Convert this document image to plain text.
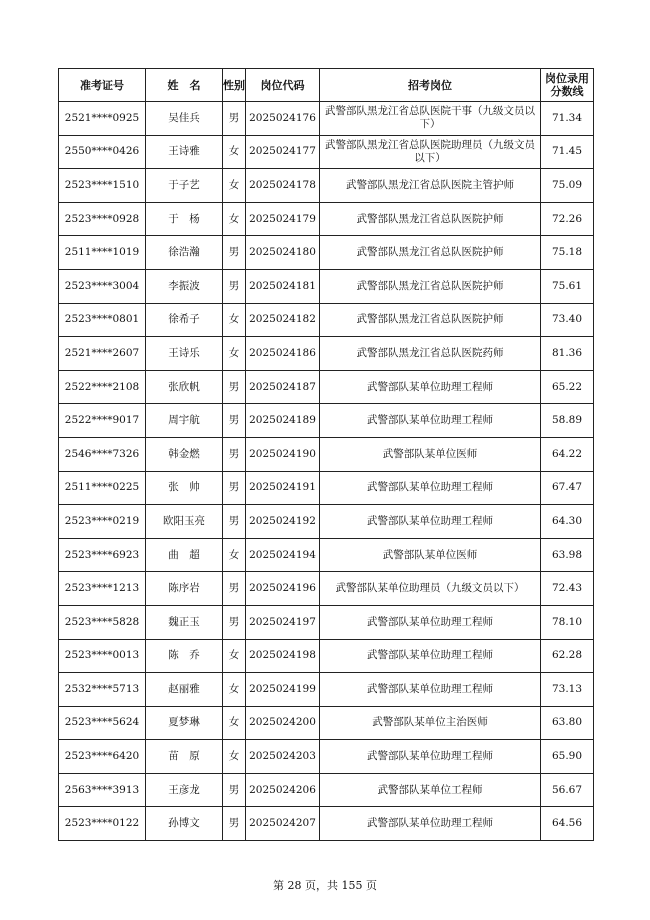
准考证号	姓　名	性别	岗位代码	招考岗位	岗位录用分数线
2521****0925	吴佳兵	男	2025024176	武警部队黑龙江省总队医院干事（九级文员以下）	71.34
2550****0426	王诗雅	女	2025024177	武警部队黑龙江省总队医院助理员（九级文员以下）	71.45
2523****1510	于子艺	女	2025024178	武警部队黑龙江省总队医院主管护师	75.09
2523****0928	于　杨	女	2025024179	武警部队黑龙江省总队医院护师	72.26
2511****1019	徐浩瀚	男	2025024180	武警部队黑龙江省总队医院护师	75.18
2523****3004	李振波	男	2025024181	武警部队黑龙江省总队医院护师	75.61
2523****0801	徐希子	女	2025024182	武警部队黑龙江省总队医院护师	73.40
2521****2607	王诗乐	女	2025024186	武警部队黑龙江省总队医院药师	81.36
2522****2108	张欣帆	男	2025024187	武警部队某单位助理工程师	65.22
2522****9017	周宇航	男	2025024189	武警部队某单位助理工程师	58.89
2546****7326	韩金燃	男	2025024190	武警部队某单位医师	64.22
2511****0225	张　帅	男	2025024191	武警部队某单位助理工程师	67.47
2523****0219	欧阳玉亮	男	2025024192	武警部队某单位助理工程师	64.30
2523****6923	曲　超	女	2025024194	武警部队某单位医师	63.98
2523****1213	陈序岩	男	2025024196	武警部队某单位助理员（九级文员以下）	72.43
2523****5828	魏正玉	男	2025024197	武警部队某单位助理工程师	78.10
2523****0013	陈　乔	女	2025024198	武警部队某单位助理工程师	62.28
2532****5713	赵丽雅	女	2025024199	武警部队某单位助理工程师	73.13
2523****5624	夏梦琳	女	2025024200	武警部队某单位主治医师	63.80
2523****6420	苗　原	女	2025024203	武警部队某单位助理工程师	65.90
2563****3913	王彦龙	男	2025024206	武警部队某单位工程师	56.67
2523****0122	孙博文	男	2025024207	武警部队某单位助理工程师	64.56
第 28 页，共 155 页
